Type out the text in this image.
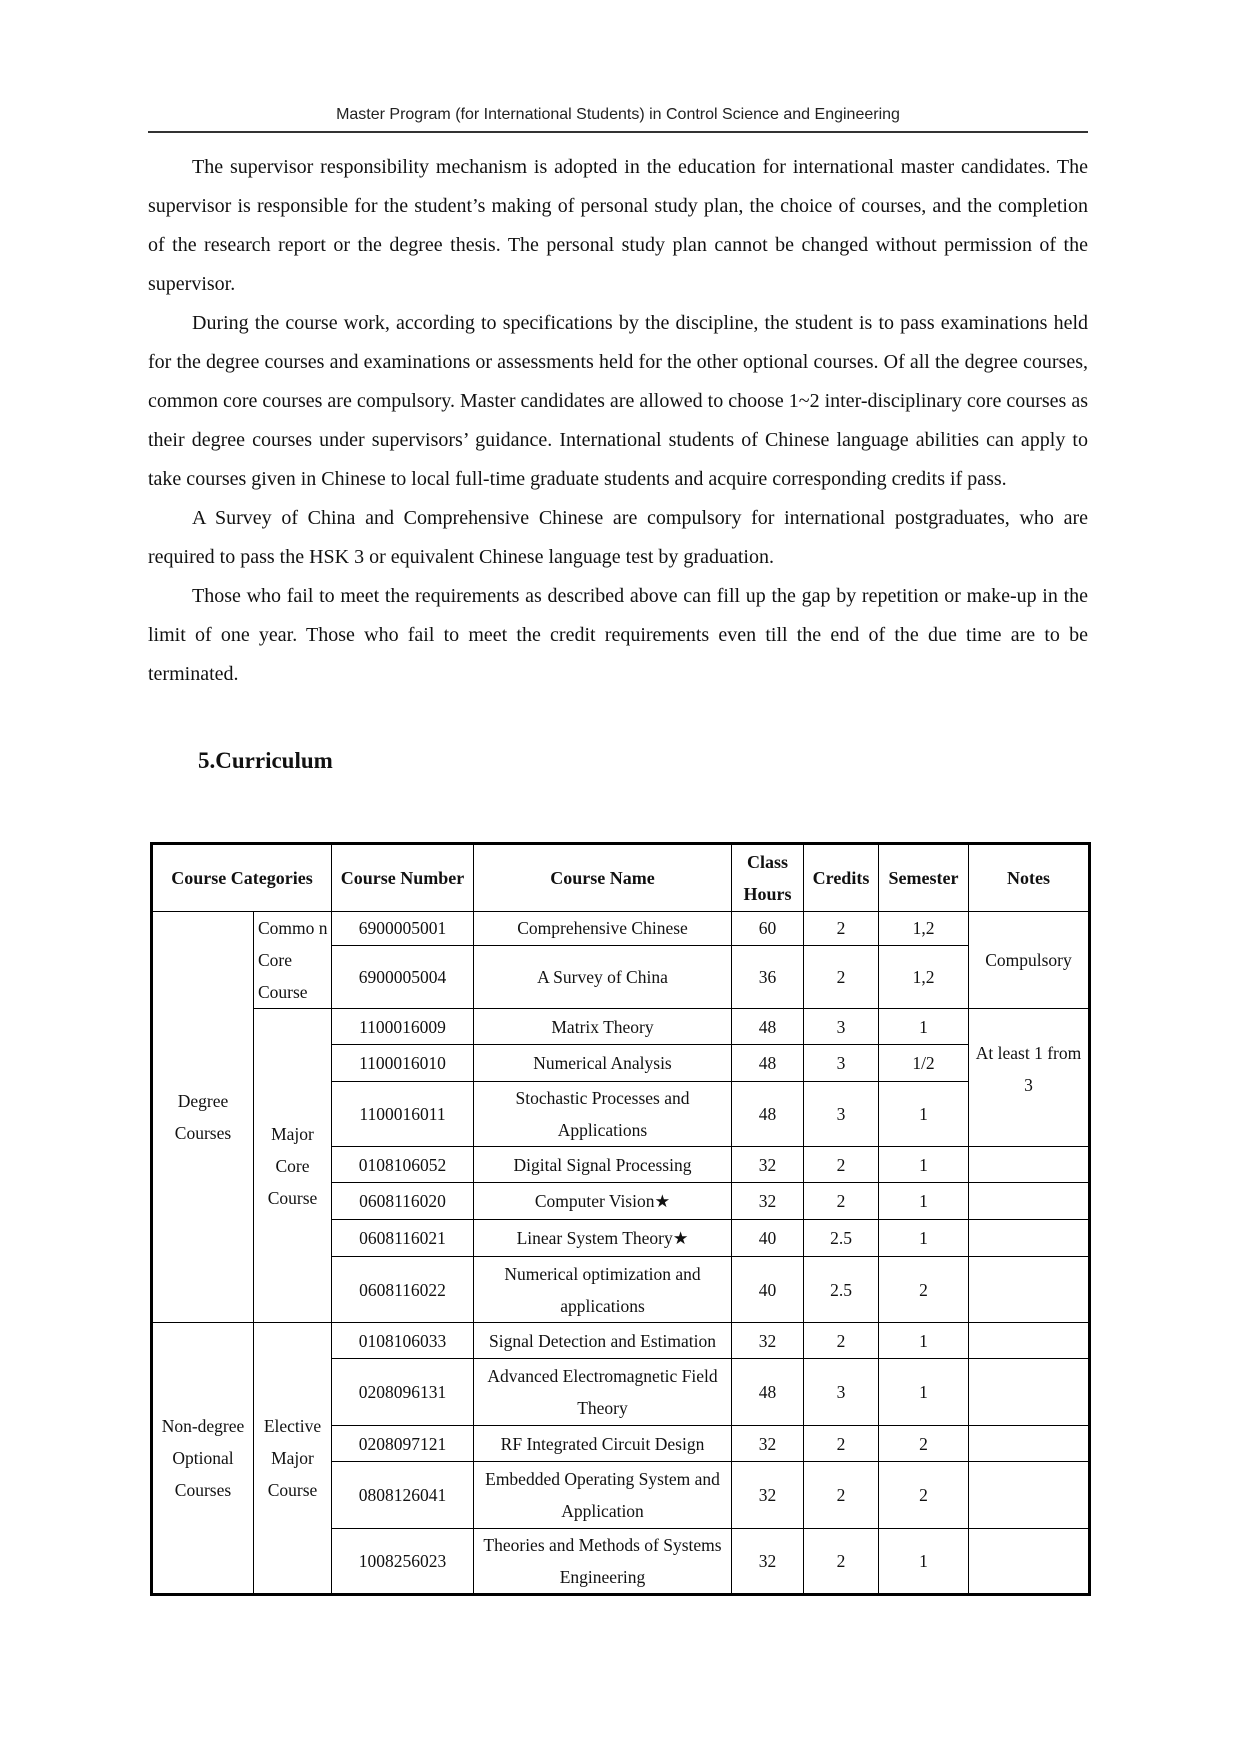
Master Program (for International Students) in Control Science and Engineering

The supervisor responsibility mechanism is adopted in the education for international master candidates. The supervisor is responsible for the student’s making of personal study plan, the choice of courses, and the completion of the research report or the degree thesis. The personal study plan cannot be changed without permission of the supervisor.

During the course work, according to specifications by the discipline, the student is to pass examinations held for the degree courses and examinations or assessments held for the other optional courses. Of all the degree courses, common core courses are compulsory. Master candidates are allowed to choose 1~2 inter-disciplinary core courses as their degree courses under supervisors’ guidance. International students of Chinese language abilities can apply to take courses given in Chinese to local full-time graduate students and acquire corresponding credits if pass.

A Survey of China and Comprehensive Chinese are compulsory for international postgraduates, who are required to pass the HSK 3 or equivalent Chinese language test by graduation.

Those who fail to meet the requirements as described above can fill up the gap by repetition or make-up in the limit of one year. Those who fail to meet the credit requirements even till the end of the due time are to be terminated.

5.Curriculum
Course Categories		Course Number	Course Name	Class Hours	Credits	Semester	Notes
Degree Courses	Commo n Core Course	6900005001	Comprehensive Chinese	60	2	1,2	Compulsory
		6900005004	A Survey of China	36	2	1,2	
	Major Core Course	1100016009	Matrix Theory	48	3	1	At least 1 from 3
		1100016010	Numerical Analysis	48	3	1/2	
		1100016011	Stochastic Processes and Applications	48	3	1	
		0108106052	Digital Signal Processing	32	2	1	
		0608116020	Computer Vision★	32	2	1	
		0608116021	Linear System Theory★	40	2.5	1	
		0608116022	Numerical optimization and applications	40	2.5	2	
Non-degree Optional Courses	Elective Major Course	0108106033	Signal Detection and Estimation	32	2	1	
		0208096131	Advanced Electromagnetic Field Theory	48	3	1	
		0208097121	RF Integrated Circuit Design	32	2	2	
		0808126041	Embedded Operating System and Application	32	2	2	
		1008256023	Theories and Methods of Systems Engineering	32	2	1	
